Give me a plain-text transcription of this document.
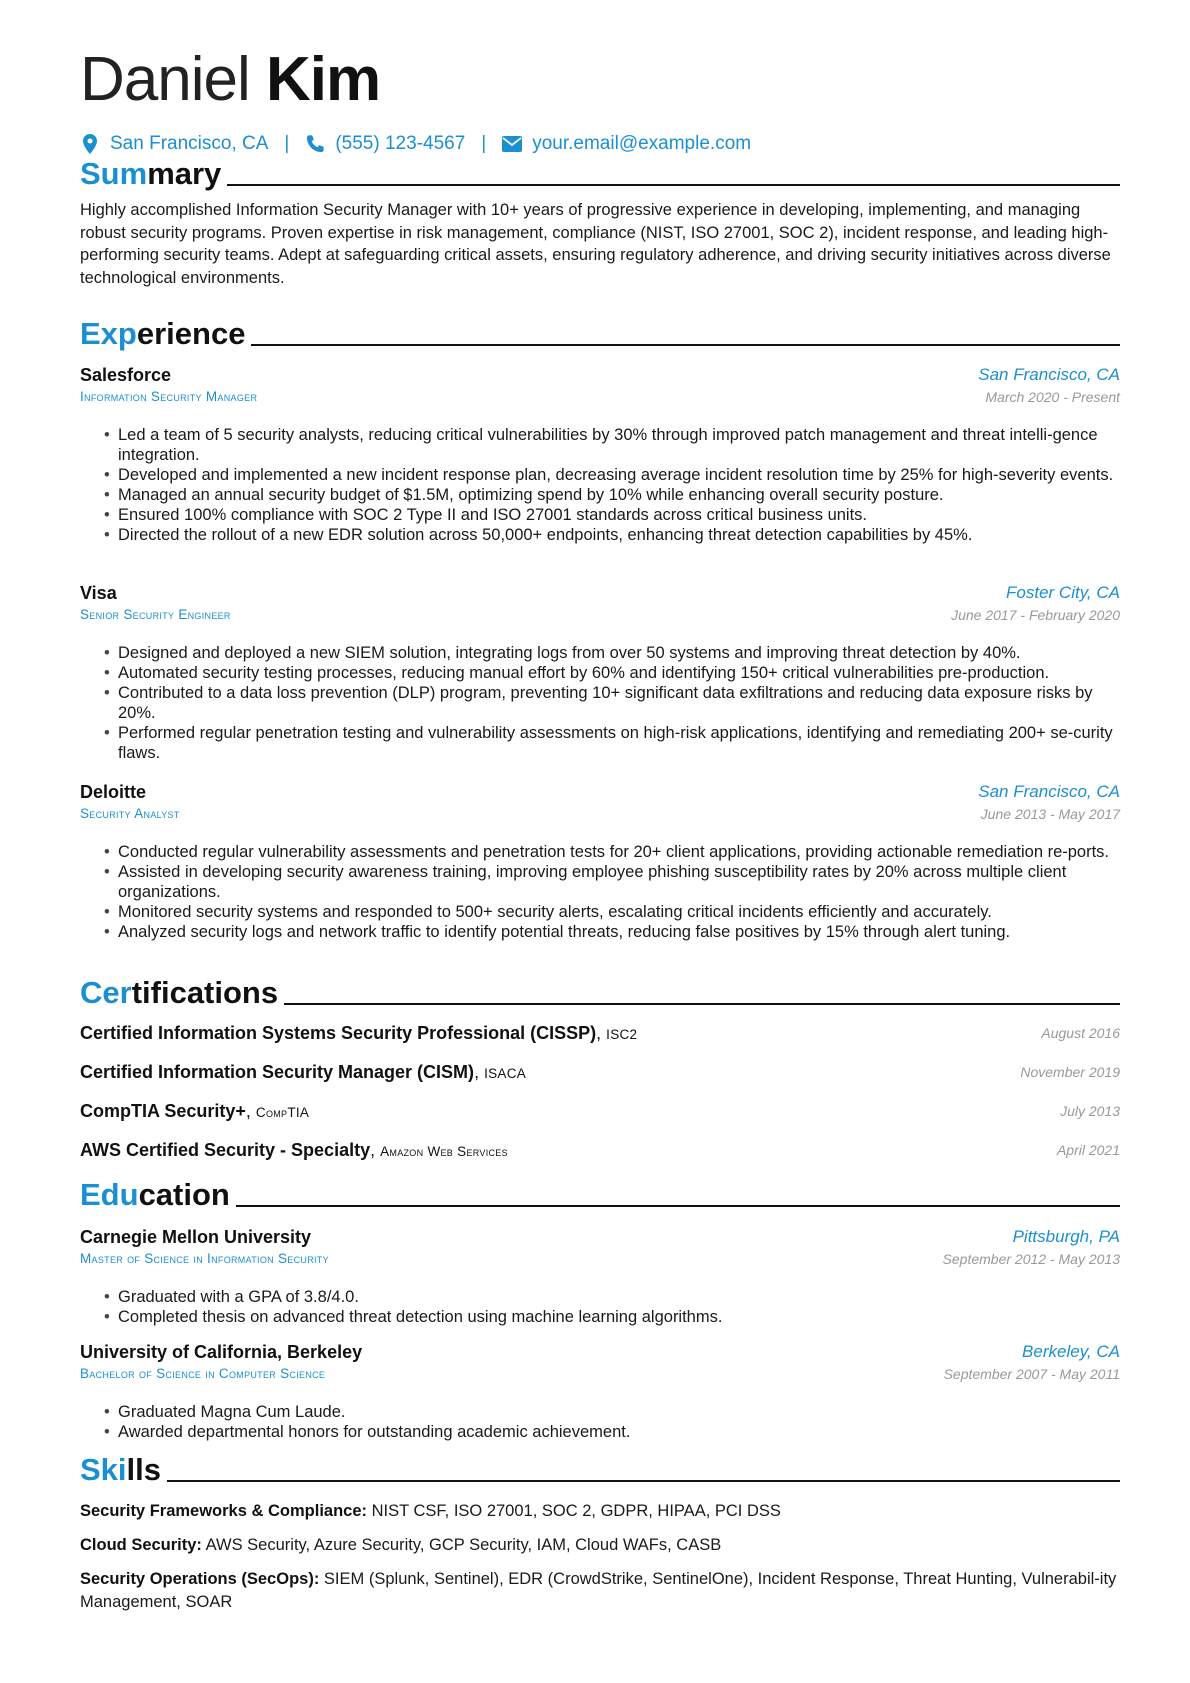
Daniel Kim
San Francisco, CA | (555) 123-4567 | your.email@example.com
Summary
Highly accomplished Information Security Manager with 10+ years of progressive experience in developing, implementing, and managing robust security programs. Proven expertise in risk management, compliance (NIST, ISO 27001, SOC 2), incident response, and leading high-performing security teams. Adept at safeguarding critical assets, ensuring regulatory adherence, and driving security initiatives across diverse technological environments.
Experience
Salesforce	San Francisco, CA
Information Security Manager	March 2020 - Present
• Led a team of 5 security analysts, reducing critical vulnerabilities by 30% through improved patch management and threat intelli-gence integration.
• Developed and implemented a new incident response plan, decreasing average incident resolution time by 25% for high-severity events.
• Managed an annual security budget of $1.5M, optimizing spend by 10% while enhancing overall security posture.
• Ensured 100% compliance with SOC 2 Type II and ISO 27001 standards across critical business units.
• Directed the rollout of a new EDR solution across 50,000+ endpoints, enhancing threat detection capabilities by 45%.
Visa	Foster City, CA
Senior Security Engineer	June 2017 - February 2020
• Designed and deployed a new SIEM solution, integrating logs from over 50 systems and improving threat detection by 40%.
• Automated security testing processes, reducing manual effort by 60% and identifying 150+ critical vulnerabilities pre-production.
• Contributed to a data loss prevention (DLP) program, preventing 10+ significant data exfiltrations and reducing data exposure risks by 20%.
• Performed regular penetration testing and vulnerability assessments on high-risk applications, identifying and remediating 200+ se-curity flaws.
Deloitte	San Francisco, CA
Security Analyst	June 2013 - May 2017
• Conducted regular vulnerability assessments and penetration tests for 20+ client applications, providing actionable remediation re-ports.
• Assisted in developing security awareness training, improving employee phishing susceptibility rates by 20% across multiple client organizations.
• Monitored security systems and responded to 500+ security alerts, escalating critical incidents efficiently and accurately.
• Analyzed security logs and network traffic to identify potential threats, reducing false positives by 15% through alert tuning.
Certifications
Certified Information Systems Security Professional (CISSP), ISC2	August 2016
Certified Information Security Manager (CISM), ISACA	November 2019
CompTIA Security+, CompTIA	July 2013
AWS Certified Security - Specialty, Amazon Web Services	April 2021
Education
Carnegie Mellon University	Pittsburgh, PA
Master of Science in Information Security	September 2012 - May 2013
• Graduated with a GPA of 3.8/4.0.
• Completed thesis on advanced threat detection using machine learning algorithms.
University of California, Berkeley	Berkeley, CA
Bachelor of Science in Computer Science	September 2007 - May 2011
• Graduated Magna Cum Laude.
• Awarded departmental honors for outstanding academic achievement.
Skills
Security Frameworks & Compliance: NIST CSF, ISO 27001, SOC 2, GDPR, HIPAA, PCI DSS
Cloud Security: AWS Security, Azure Security, GCP Security, IAM, Cloud WAFs, CASB
Security Operations (SecOps): SIEM (Splunk, Sentinel), EDR (CrowdStrike, SentinelOne), Incident Response, Threat Hunting, Vulnerabil-ity Management, SOAR
